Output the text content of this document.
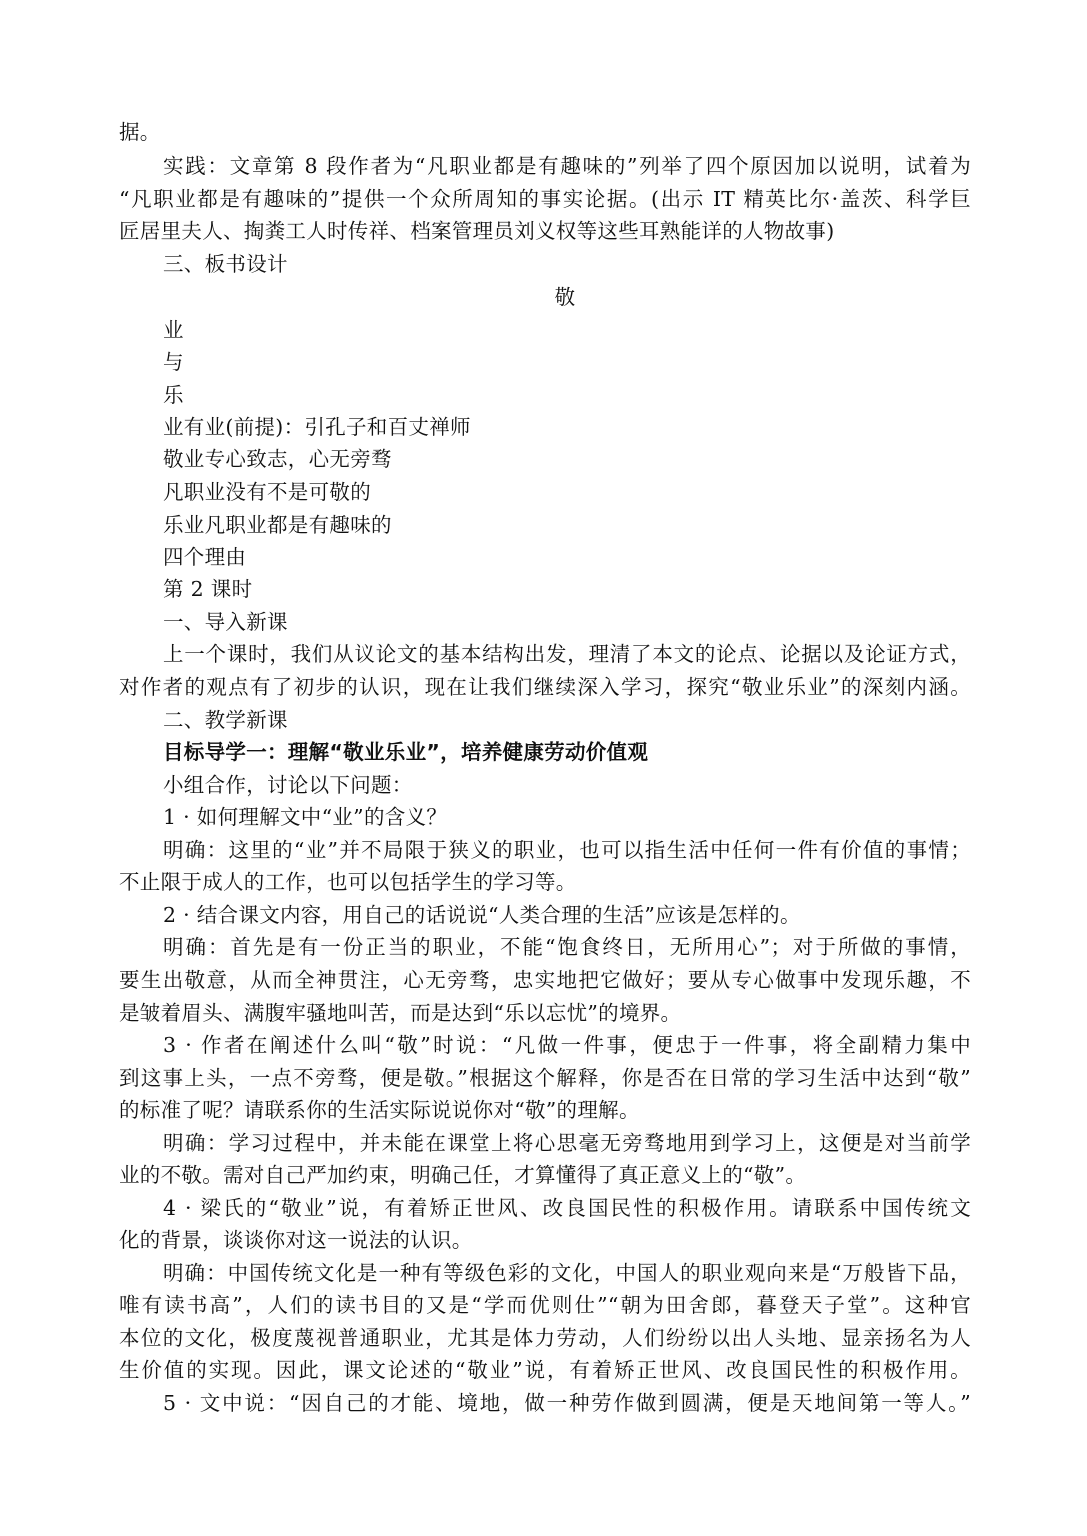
据。
实践：文章第 8 段作者为“凡职业都是有趣味的”列举了四个原因加以说明，试着为
“凡职业都是有趣味的”提供一个众所周知的事实论据。(出示 IT 精英比尔·盖茨、科学巨
匠居里夫人、掏粪工人时传祥、档案管理员刘义权等这些耳熟能详的人物故事)
三、板书设计
敬
业
与
乐
业有业(前提)：引孔子和百丈禅师
敬业专心致志，心无旁骛
凡职业没有不是可敬的
乐业凡职业都是有趣味的
四个理由
第 2 课时
一、导入新课
上一个课时，我们从议论文的基本结构出发，理清了本文的论点、论据以及论证方式，
对作者的观点有了初步的认识，现在让我们继续深入学习，探究“敬业乐业”的深刻内涵。
二、教学新课
目标导学一：理解“敬业乐业”，培养健康劳动价值观
小组合作，讨论以下问题：
1 · 如何理解文中“业”的含义？
明确：这里的“业”并不局限于狭义的职业，也可以指生活中任何一件有价值的事情；
不止限于成人的工作，也可以包括学生的学习等。
2 · 结合课文内容，用自己的话说说“人类合理的生活”应该是怎样的。
明确：首先是有一份正当的职业，不能“饱食终日，无所用心”；对于所做的事情，
要生出敬意，从而全神贯注，心无旁骛，忠实地把它做好；要从专心做事中发现乐趣，不
是皱着眉头、满腹牢骚地叫苦，而是达到“乐以忘忧”的境界。
3 · 作者在阐述什么叫“敬”时说：“凡做一件事，便忠于一件事，将全副精力集中
到这事上头，一点不旁骛，便是敬。”根据这个解释，你是否在日常的学习生活中达到“敬”
的标准了呢？请联系你的生活实际说说你对“敬”的理解。
明确：学习过程中，并未能在课堂上将心思毫无旁骛地用到学习上，这便是对当前学
业的不敬。需对自己严加约束，明确己任，才算懂得了真正意义上的“敬”。
4 · 梁氏的“敬业”说，有着矫正世风、改良国民性的积极作用。请联系中国传统文
化的背景，谈谈你对这一说法的认识。
明确：中国传统文化是一种有等级色彩的文化，中国人的职业观向来是“万般皆下品，
唯有读书高”，人们的读书目的又是“学而优则仕”“朝为田舍郎，暮登天子堂”。这种官
本位的文化，极度蔑视普通职业，尤其是体力劳动，人们纷纷以出人头地、显亲扬名为人
生价值的实现。因此，课文论述的“敬业”说，有着矫正世风、改良国民性的积极作用。
5 · 文中说：“因自己的才能、境地，做一种劳作做到圆满，便是天地间第一等人。”
